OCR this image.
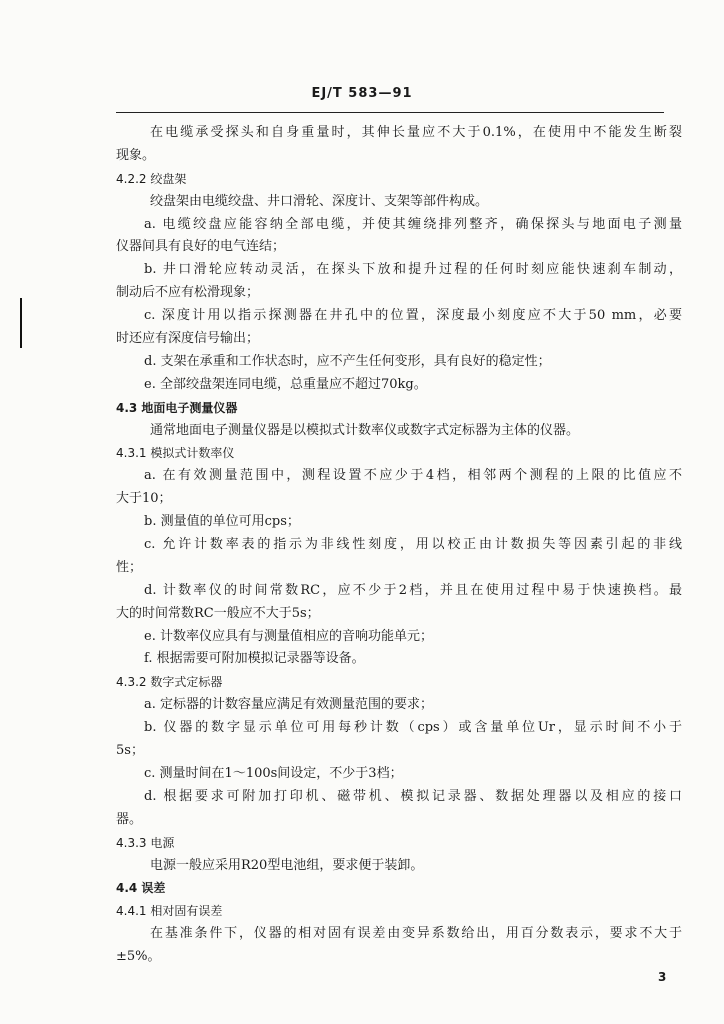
EJ/T 583—91
在电缆承受探头和自身重量时，其伸长量应不大于0.1%，在使用中不能发生断裂
现象。
4.2.2 绞盘架
绞盘架由电缆绞盘、井口滑轮、深度计、支架等部件构成。
a. 电缆绞盘应能容纳全部电缆，并使其缠绕排列整齐，确保探头与地面电子测量
仪器间具有良好的电气连结；
b. 井口滑轮应转动灵活，在探头下放和提升过程的任何时刻应能快速刹车制动，
制动后不应有松滑现象；
c. 深度计用以指示探测器在井孔中的位置，深度最小刻度应不大于50 mm，必要
时还应有深度信号输出；
d. 支架在承重和工作状态时，应不产生任何变形，具有良好的稳定性；
e. 全部绞盘架连同电缆，总重量应不超过70kg。
4.3 地面电子测量仪器
通常地面电子测量仪器是以模拟式计数率仪或数字式定标器为主体的仪器。
4.3.1 模拟式计数率仪
a. 在有效测量范围中，测程设置不应少于4档，相邻两个测程的上限的比值应不
大于10；
b. 测量值的单位可用cps；
c. 允许计数率表的指示为非线性刻度，用以校正由计数损失等因素引起的非线
性；
d. 计数率仪的时间常数RC，应不少于2档，并且在使用过程中易于快速换档。最
大的时间常数RC一般应不大于5s；
e. 计数率仪应具有与测量值相应的音响功能单元；
f. 根据需要可附加模拟记录器等设备。
4.3.2 数字式定标器
a. 定标器的计数容量应满足有效测量范围的要求；
b. 仪器的数字显示单位可用每秒计数（cps）或含量单位Ur，显示时间不小于
5s；
c. 测量时间在1～100s间设定，不少于3档；
d. 根据要求可附加打印机、磁带机、模拟记录器、数据处理器以及相应的接口
器。
4.3.3 电源
电源一般应采用R20型电池组，要求便于装卸。
4.4 误差
4.4.1 相对固有误差
在基准条件下，仪器的相对固有误差由变异系数给出，用百分数表示，要求不大于
±5%。
3
